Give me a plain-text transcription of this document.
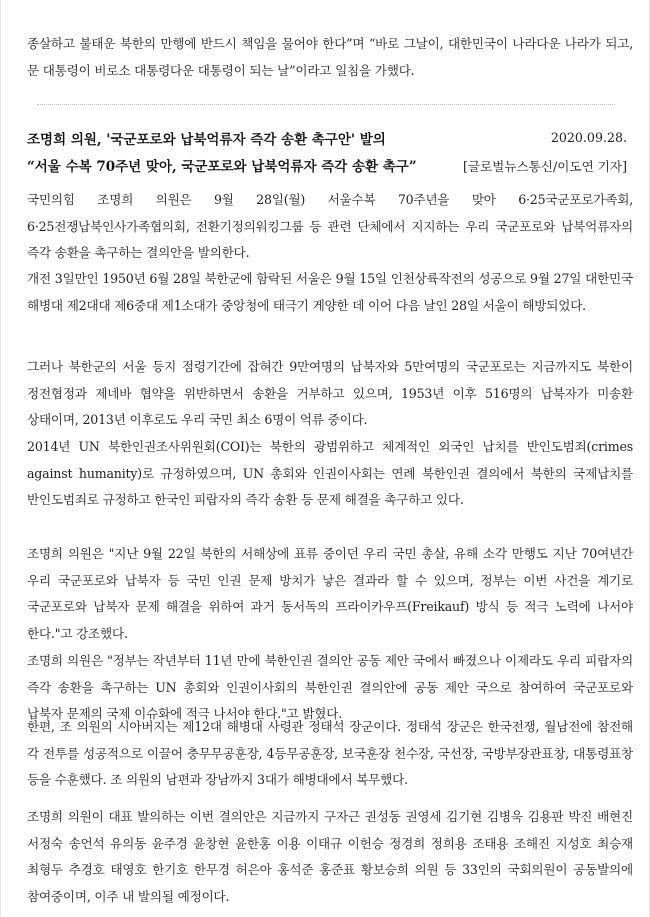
종살하고 불태운 북한의 만행에 반드시 책임을 물어야 한다”며 “바로 그날이, 대한민국이 나라다운 나라가 되고, 문 대통령이 비로소 대통령다운 대통령이 되는 날”이라고 일침을 가했다.

조명희 의원, '국군포로와 납북억류자 즉각 송환 촉구안' 발의	2020.09.28.
“서울 수복 70주년 맞아, 국군포로와 납북억류자 즉각 송환 촉구”	[글로벌뉴스통신/이도연 기자]

국민의힘 조명희 의원은 9월 28일(월) 서울수복 70주년을 맞아 6·25국군포로가족회, 6·25전쟁납북인사가족협의회, 전환기정의워킹그룹 등 관련 단체에서 지지하는 우리 국군포로와 납북억류자의 즉각 송환을 촉구하는 결의안을 발의한다.

개전 3일만인 1950년 6월 28일 북한군에 함락된 서울은 9월 15일 인천상륙작전의 성공으로 9월 27일 대한민국 해병대 제2대대 제6중대 제1소대가 중앙청에 태극기 게양한 데 이어 다음 날인 28일 서울이 해방되었다.

그러나 북한군의 서울 등지 점령기간에 잡혀간 9만여명의 납북자와 5만여명의 국군포로는 지금까지도 북한이 정전협정과 제네바 협약을 위반하면서 송환을 거부하고 있으며, 1953년 이후 516명의 납북자가 미송환 상태이며, 2013년 이후로도 우리 국민 최소 6명이 억류 중이다.

2014년 UN 북한인권조사위원회(COI)는 북한의 광범위하고 체계적인 외국인 납치를 반인도범죄(crimes against humanity)로 규정하였으며, UN 총회와 인권이사회는 연례 북한인권 결의에서 북한의 국제납치를 반인도범죄로 규정하고 한국인 피랍자의 즉각 송환 등 문제 해결을 촉구하고 있다.

조명희 의원은 "지난 9월 22일 북한의 서해상에 표류 중이던 우리 국민 총살, 유해 소각 만행도 지난 70여년간 우리 국군포로와 납북자 등 국민 인권 문제 방치가 낳은 결과라 할 수 있으며, 정부는 이번 사건을 계기로 국군포로와 납북자 문제 해결을 위하여 과거 동서독의 프라이카우프(Freikauf) 방식 등 적극 노력에 나서야 한다."고 강조했다.

조명희 의원은 "정부는 작년부터 11년 만에 북한인권 결의안 공동 제안 국에서 빠졌으나 이제라도 우리 피랍자의 즉각 송환을 촉구하는 UN 총회와 인권이사회의 북한인권 결의안에 공동 제안 국으로 참여하여 국군포로와 납북자 문제의 국제 이슈화에 적극 나서야 한다."고 밝혔다.

한편, 조 의원의 시아버지는 제12대 해병대 사령관 정태석 장군이다. 정태석 장군은 한국전쟁, 월남전에 참전해 각 전투를 성공적으로 이끌어 충무무공훈장, 4등무공훈장, 보국훈장 천수장, 국선장, 국방부장관표창, 대통령표창 등을 수훈했다. 조 의원의 남편과 장남까지 3대가 해병대에서 복무했다.

조명희 의원이 대표 발의하는 이번 결의안은 지금까지 구자근 권성동 권영세 김기현 김병욱 김용판 박진 배현진 서정숙 송언석 유의동 윤주경 윤창현 윤한홍 이용 이태규 이헌승 정경희 정희용 조태용 조해진 지성호 최승재 최형두 추경호 태영호 한기호 한무경 허은아 홍석준 홍준표 황보승희 의원 등 33인의 국회의원이 공동발의에 참여중이며, 이주 내 발의될 예정이다.
